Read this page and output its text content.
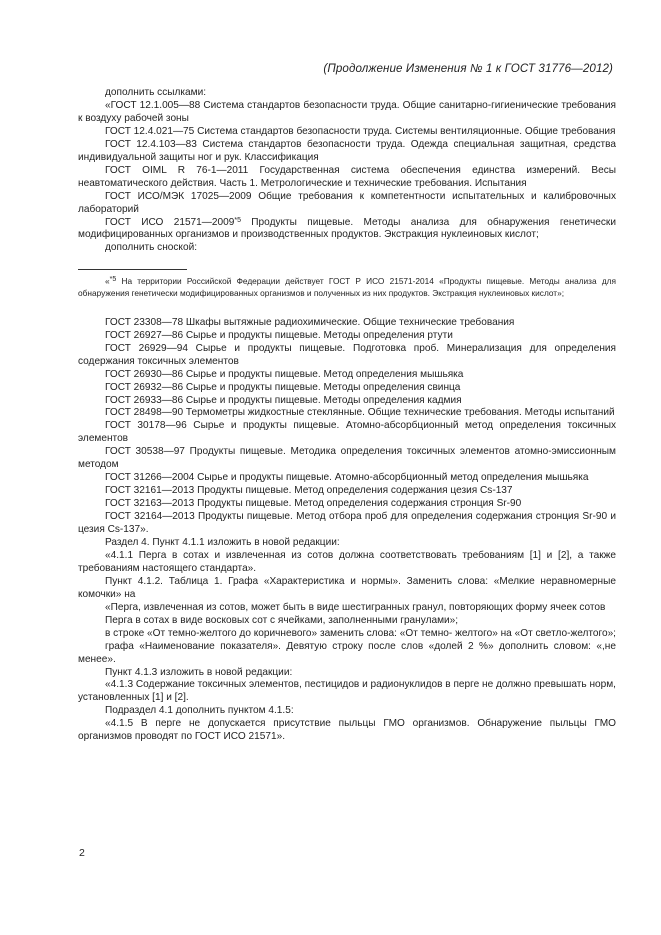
(Продолжение Изменения № 1 к ГОСТ 31776—2012)

дополнить ссылками:

«ГОСТ 12.1.005—88 Система стандартов безопасности труда. Общие санитарно-гигиенические требования к воздуху рабочей зоны

ГОСТ 12.4.021—75 Система стандартов безопасности труда. Системы вентиляционные. Общие требования

ГОСТ 12.4.103—83 Система стандартов безопасности труда. Одежда специальная защитная, средства индивидуальной защиты ног и рук. Классификация

ГОСТ OIML R 76-1—2011 Государственная система обеспечения единства измерений. Весы неавтоматического действия. Часть 1. Метрологические и технические требования. Испытания

ГОСТ ИСО/МЭК 17025—2009 Общие требования к компетентности испытательных и калибровочных лабораторий

ГОСТ ИСО 21571—2009$^{*5}$ Продукты пищевые. Методы анализа для обнаружения генетически модифицированных организмов и производственных продуктов. Экстракция нуклеиновых кислот;

дополнить сноской:

«$^{*5}$ На территории Российской Федерации действует ГОСТ Р ИСО 21571-2014 «Продукты пищевые. Методы анализа для обнаружения генетически модифицированных организмов и полученных из них продуктов. Экстракция нуклеиновых кислот»;

ГОСТ 23308—78 Шкафы вытяжные радиохимические. Общие технические требования

ГОСТ 26927—86 Сырье и продукты пищевые. Методы определения ртути

ГОСТ 26929—94 Сырье и продукты пищевые. Подготовка проб. Минерализация для определения содержания токсичных элементов

ГОСТ 26930—86 Сырье и продукты пищевые. Метод определения мышьяка

ГОСТ 26932—86 Сырье и продукты пищевые. Методы определения свинца

ГОСТ 26933—86 Сырье и продукты пищевые. Методы определения кадмия

ГОСТ 28498—90 Термометры жидкостные стеклянные. Общие технические требования. Методы испытаний

ГОСТ 30178—96 Сырье и продукты пищевые. Атомно-абсорбционный метод определения токсичных элементов

ГОСТ 30538—97 Продукты пищевые. Методика определения токсичных элементов атомно-эмиссионным методом

ГОСТ 31266—2004 Сырье и продукты пищевые. Атомно-абсорбционный метод определения мышьяка

ГОСТ 32161—2013 Продукты пищевые. Метод определения содержания цезия Cs-137

ГОСТ 32163—2013 Продукты пищевые. Метод определения содержания стронция Sr-90

ГОСТ 32164—2013 Продукты пищевые. Метод отбора проб для определения содержания стронция Sr-90 и цезия Cs-137».

Раздел 4. Пункт 4.1.1 изложить в новой редакции:

«4.1.1 Перга в сотах и извлеченная из сотов должна соответствовать требованиям [1] и [2], а также требованиям настоящего стандарта».

Пункт 4.1.2. Таблица 1. Графа «Характеристика и нормы». Заменить слова: «Мелкие неравномерные комочки» на

«Перга, извлеченная из сотов, может быть в виде шестигранных гранул, повторяющих форму ячеек сотов

Перга в сотах в виде восковых сот с ячейками, заполненными гранулами»;

в строке «От темно-желтого до коричневого» заменить слова: «От темно- желтого» на «От светло-желтого»;

графа «Наименование показателя». Девятую строку после слов «долей 2 %» дополнить словом: «,не менее».

Пункт 4.1.3 изложить в новой редакции:

«4.1.3 Содержание токсичных элементов, пестицидов и радионуклидов в перге не должно превышать норм, установленных [1] и [2].

Подраздел 4.1 дополнить пунктом 4.1.5:

«4.1.5 В перге не допускается присутствие пыльцы ГМО организмов. Обнаружение пыльцы ГМО организмов проводят по ГОСТ ИСО 21571».

2
